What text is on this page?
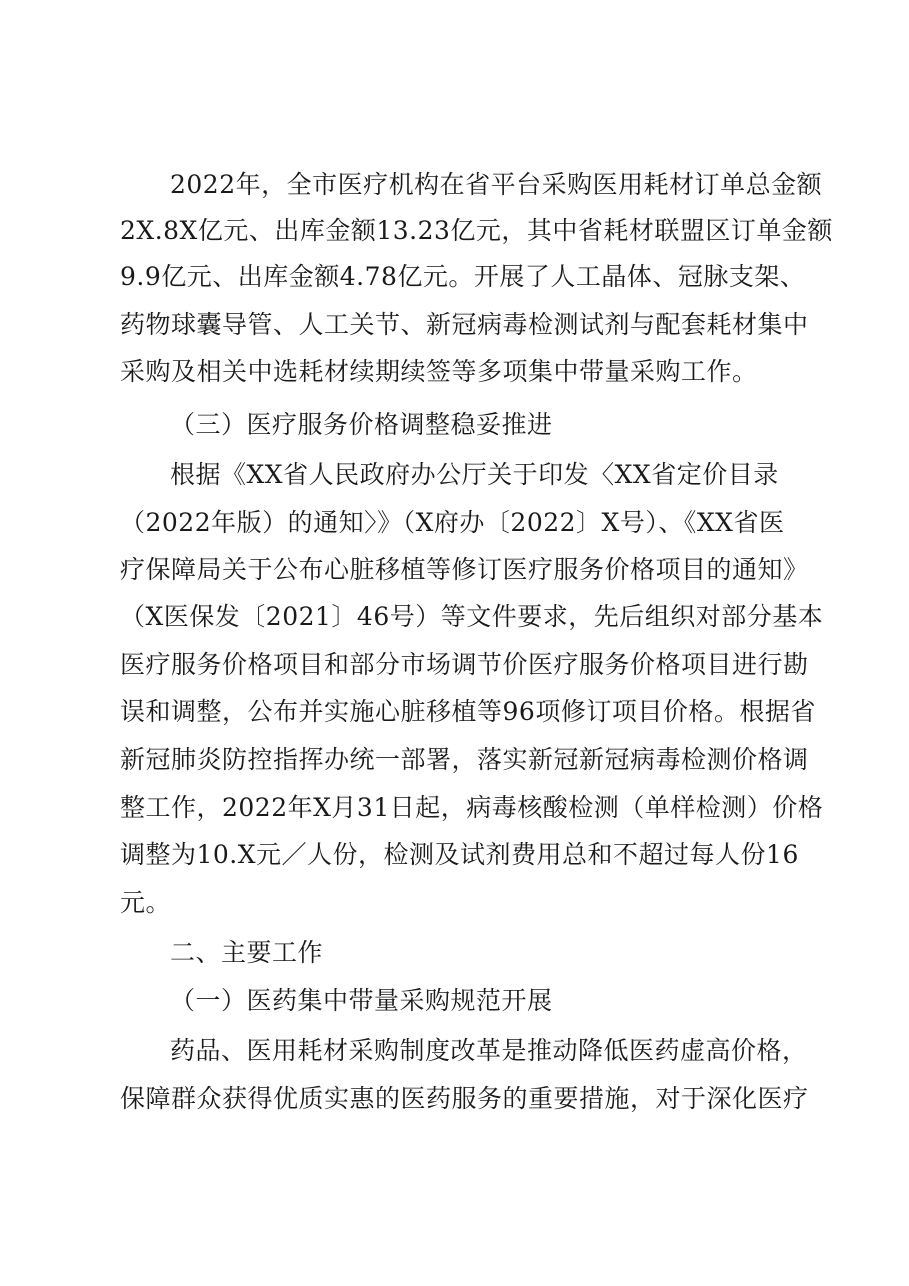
2022年，全市医疗机构在省平台采购医用耗材订单总金额
2X.8X亿元、出库金额13.23亿元，其中省耗材联盟区订单金额
9.9亿元、出库金额4.78亿元。开展了人工晶体、冠脉支架、
药物球囊导管、人工关节、新冠病毒检测试剂与配套耗材集中
采购及相关中选耗材续期续签等多项集中带量采购工作。
（三）医疗服务价格调整稳妥推进
根据《XX省人民政府办公厅关于印发〈XX省定价目录
（2022年版）的通知〉》（X府办〔2022〕X号）、《XX省医
疗保障局关于公布心脏移植等修订医疗服务价格项目的通知》
（X医保发〔2021〕46号）等文件要求，先后组织对部分基本
医疗服务价格项目和部分市场调节价医疗服务价格项目进行勘
误和调整，公布并实施心脏移植等96项修订项目价格。根据省
新冠肺炎防控指挥办统一部署，落实新冠新冠病毒检测价格调
整工作，2022年X月31日起，病毒核酸检测（单样检测）价格
调整为10.X元／人份，检测及试剂费用总和不超过每人份16
元。
二、主要工作
（一）医药集中带量采购规范开展
药品、医用耗材采购制度改革是推动降低医药虚高价格，
保障群众获得优质实惠的医药服务的重要措施，对于深化医疗
